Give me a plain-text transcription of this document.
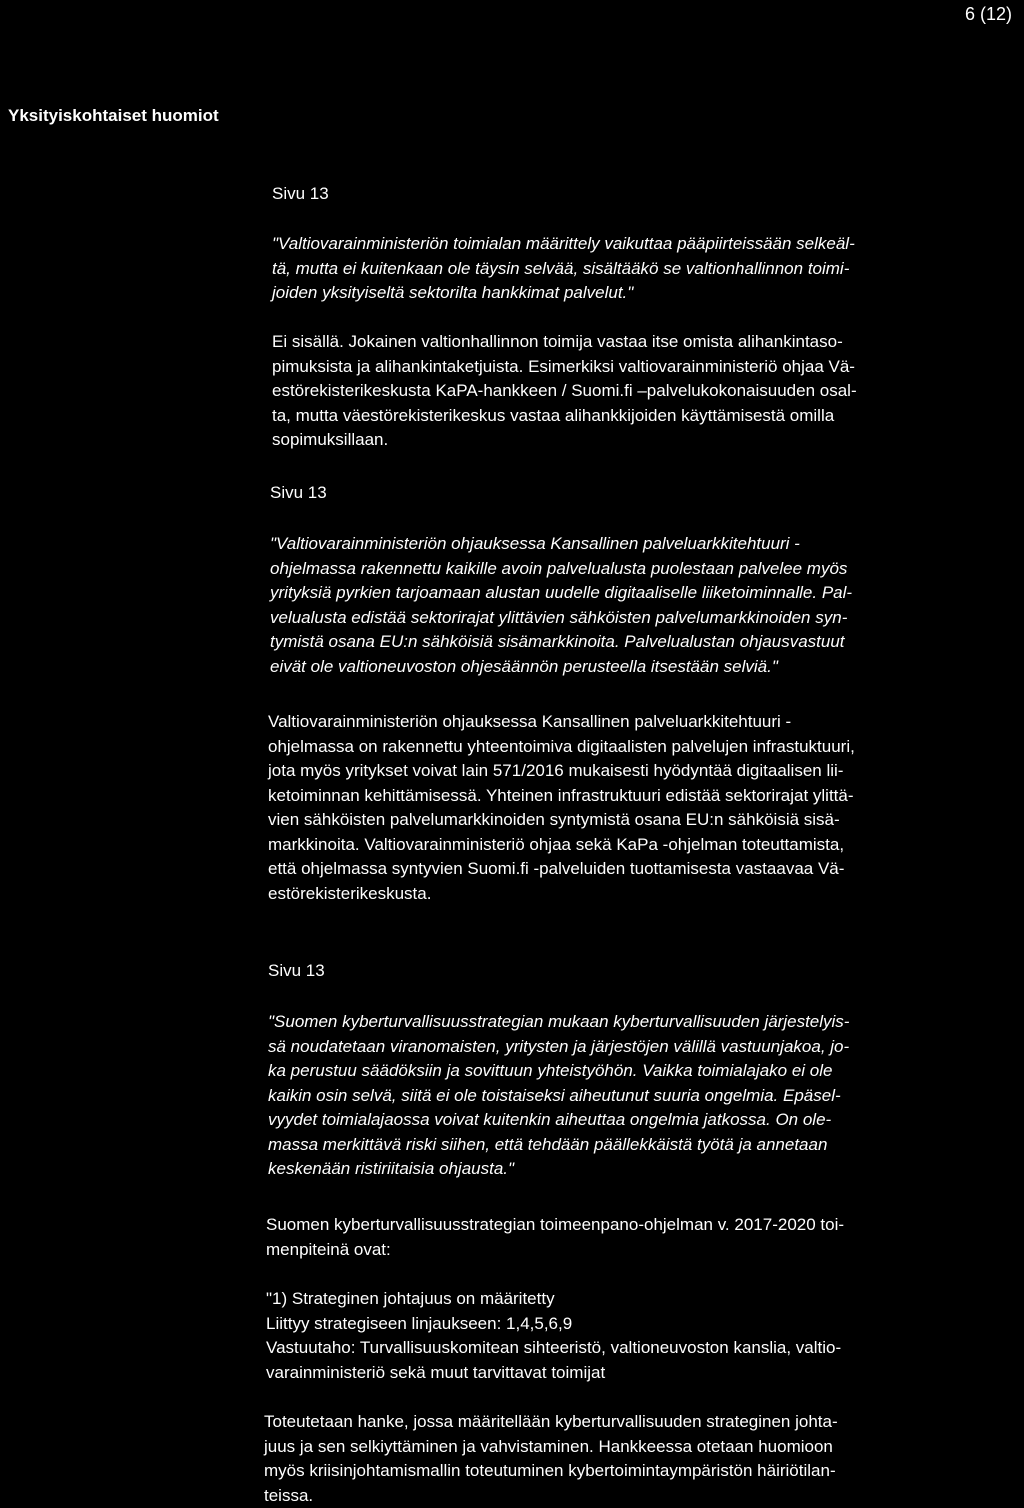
6 (12)
Yksityiskohtaiset huomiot
Sivu 13
"Valtiovarainministeriön toimialan määrittely vaikuttaa pääpiirteissään selkeäl-
tä, mutta ei kuitenkaan ole täysin selvää, sisältääkö se valtionhallinnon toimi-
joiden yksityiseltä sektorilta hankkimat palvelut."
Ei sisällä. Jokainen valtionhallinnon toimija vastaa itse omista alihankintaso-
pimuksista ja alihankintaketjuista. Esimerkiksi valtiovarainministeriö ohjaa Vä-
estörekisterikeskusta KaPA-hankkeen / Suomi.fi –palvelukokonaisuuden osal-
ta, mutta väestörekisterikeskus vastaa alihankkijoiden käyttämisestä omilla
sopimuksillaan.
Sivu 13
"Valtiovarainministeriön ohjauksessa Kansallinen palveluarkkitehtuuri -
ohjelmassa rakennettu kaikille avoin palvelualusta puolestaan palvelee myös
yrityksiä pyrkien tarjoamaan alustan uudelle digitaaliselle liiketoiminnalle. Pal-
velualusta edistää sektorirajat ylittävien sähköisten palvelumarkkinoiden syn-
tymistä osana EU:n sähköisiä sisämarkkinoita. Palvelualustan ohjausvastuut
eivät ole valtioneuvoston ohjesäännön perusteella itsestään selviä."
Valtiovarainministeriön ohjauksessa Kansallinen palveluarkkitehtuuri -
ohjelmassa on rakennettu yhteentoimiva digitaalisten palvelujen infrastuktuuri,
jota myös yritykset voivat lain 571/2016 mukaisesti hyödyntää digitaalisen lii-
ketoiminnan kehittämisessä. Yhteinen infrastruktuuri edistää sektorirajat ylittä-
vien sähköisten palvelumarkkinoiden syntymistä osana EU:n sähköisiä sisä-
markkinoita. Valtiovarainministeriö ohjaa sekä KaPa -ohjelman toteuttamista,
että ohjelmassa syntyvien Suomi.fi -palveluiden tuottamisesta vastaavaa Vä-
estörekisterikeskusta.
Sivu 13
"Suomen kyberturvallisuusstrategian mukaan kyberturvallisuuden järjestelyis-
sä noudatetaan viranomaisten, yritysten ja järjestöjen välillä vastuunjakoa, jo-
ka perustuu säädöksiin ja sovittuun yhteistyöhön. Vaikka toimialajako ei ole
kaikin osin selvä, siitä ei ole toistaiseksi aiheutunut suuria ongelmia. Epäsel-
vyydet toimialajaossa voivat kuitenkin aiheuttaa ongelmia jatkossa. On ole-
massa merkittävä riski siihen, että tehdään päällekkäistä työtä ja annetaan
keskenään ristiriitaisia ohjausta."
Suomen kyberturvallisuusstrategian toimeenpano-ohjelman v. 2017-2020 toi-
menpiteinä ovat:
"1) Strateginen johtajuus on määritetty
Liittyy strategiseen linjaukseen: 1,4,5,6,9
Vastuutaho: Turvallisuuskomitean sihteeristö, valtioneuvoston kanslia, valtio-
varainministeriö sekä muut tarvittavat toimijat
Toteutetaan hanke, jossa määritellään kyberturvallisuuden strateginen johta-
juus ja sen selkiyttäminen ja vahvistaminen. Hankkeessa otetaan huomioon
myös kriisinjohtamismallin toteutuminen kybertoimintaympäristön häiriötilan-
teissa.
